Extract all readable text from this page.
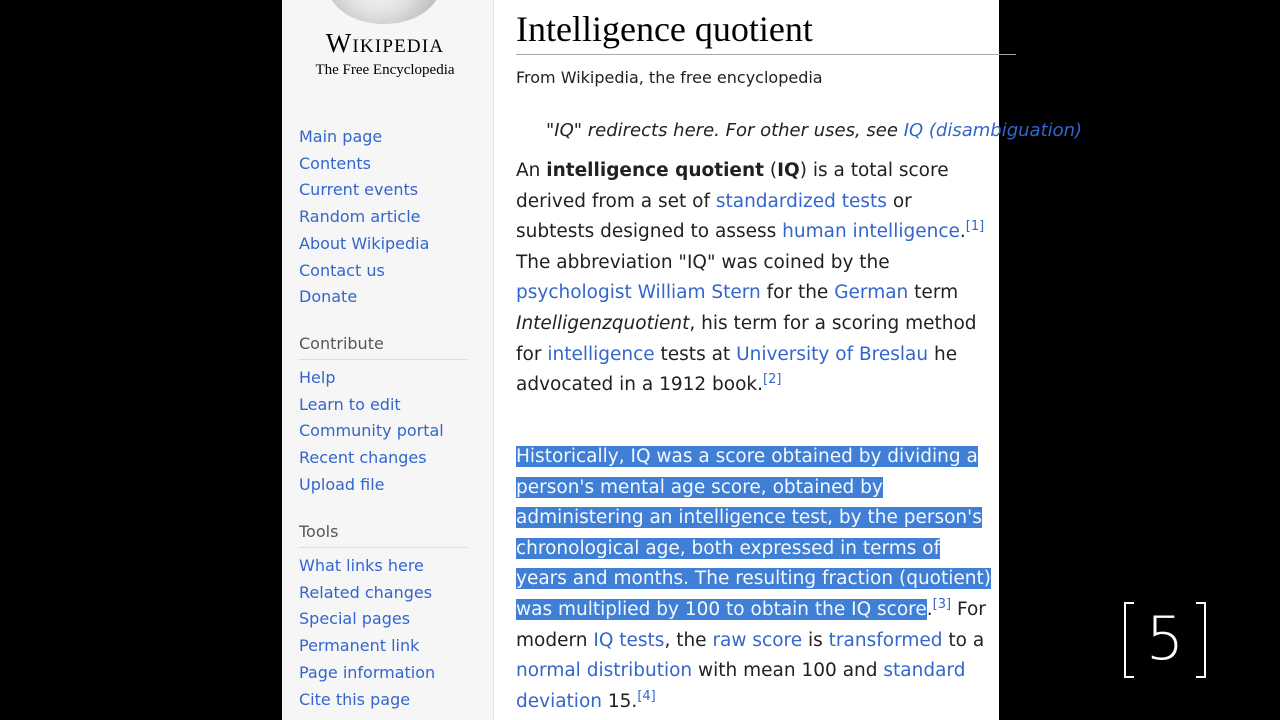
Wikipedia
The Free Encyclopedia
Main page
Contents
Current events
Random article
About Wikipedia
Contact us
Donate
Contribute
Help
Learn to edit
Community portal
Recent changes
Upload file
Tools
What links here
Related changes
Special pages
Permanent link
Page information
Cite this page
Intelligence quotient
From Wikipedia, the free encyclopedia
"IQ" redirects here. For other uses, see IQ (disambiguation)
An intelligence quotient (IQ) is a total score derived from a set of standardized tests or subtests designed to assess human intelligence.[1] The abbreviation "IQ" was coined by the psychologist William Stern for the German term Intelligenzquotient, his term for a scoring method for intelligence tests at University of Breslau he advocated in a 1912 book.[2]
Historically, IQ was a score obtained by dividing a person's mental age score, obtained by administering an intelligence test, by the person's chronological age, both expressed in terms of years and months. The resulting fraction (quotient) was multiplied by 100 to obtain the IQ score.[3] For modern IQ tests, the raw score is transformed to a normal distribution with mean 100 and standard deviation 15.[4]
5
